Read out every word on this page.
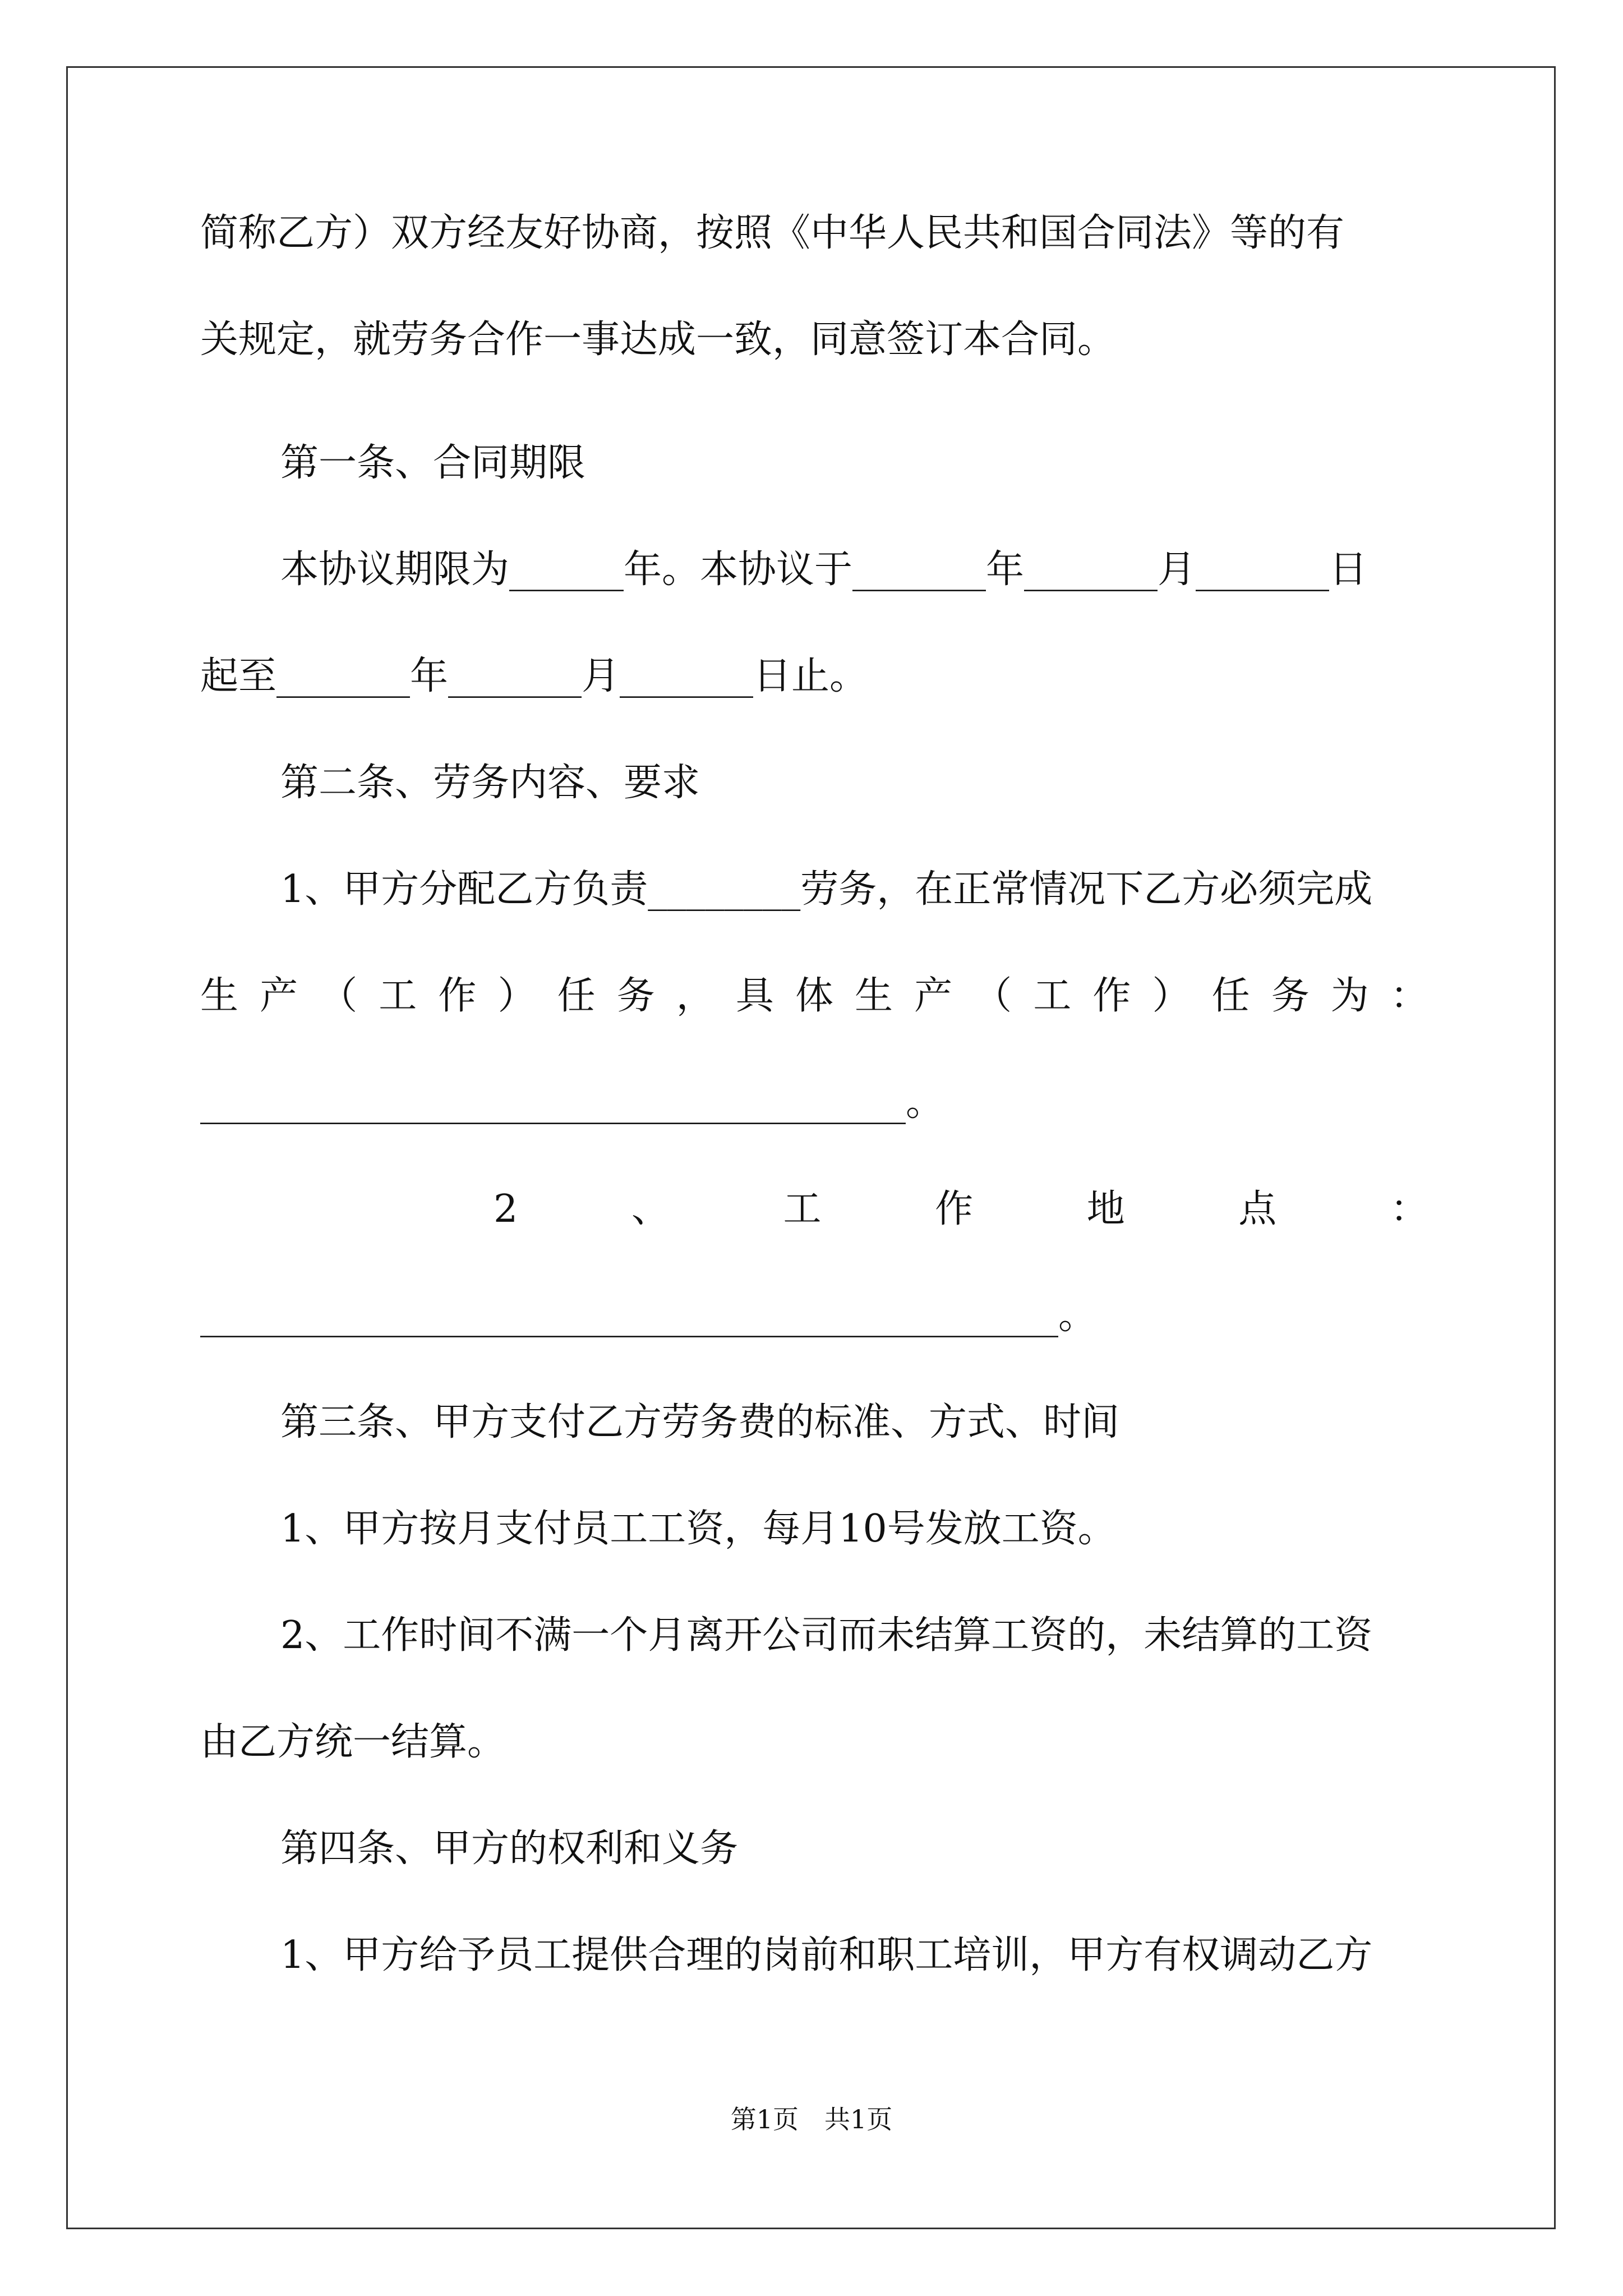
简称乙方）双方经友好协商，按照《中华人民共和国合同法》等的有
关规定，就劳务合作一事达成一致，同意签订本合同。
第一条、合同期限
本协议期限为______年。本协议于_______年_______月_______日
起至_______年_______月_______日止。
第二条、劳务内容、要求
1、甲方分配乙方负责________劳务，在正常情况下乙方必须完成
生 产 （ 工 作 ） 任 务 ， 具 体 生 产 （ 工 作 ） 任 务 为 ：
_____________________________________。
2	、	工	作	地	点	：
_____________________________________________。
第三条、甲方支付乙方劳务费的标准、方式、时间
1、甲方按月支付员工工资，每月10号发放工资。
2、工作时间不满一个月离开公司而未结算工资的，未结算的工资
由乙方统一结算。
第四条、甲方的权利和义务
1、甲方给予员工提供合理的岗前和职工培训，甲方有权调动乙方
第1页　共1页
